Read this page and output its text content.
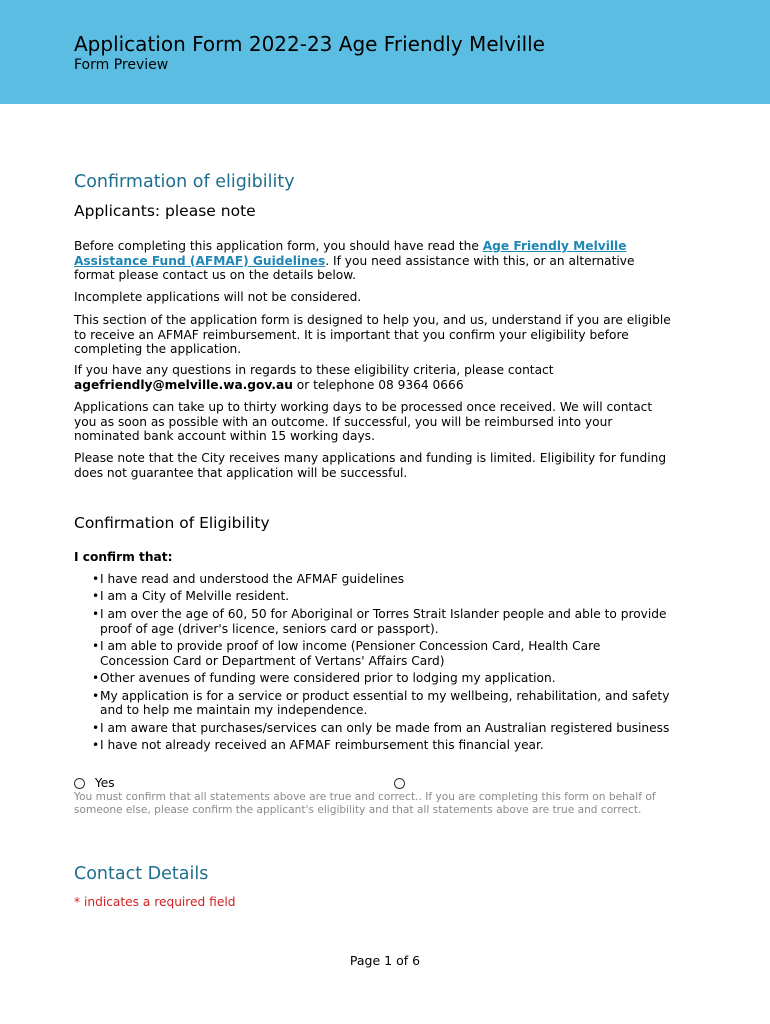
Application Form 2022-23 Age Friendly Melville
Form Preview
Confirmation of eligibility
Applicants: please note

Before completing this application form, you should have read the Age Friendly Melville Assistance Fund (AFMAF) Guidelines. If you need assistance with this, or an alternative format please contact us on the details below.

Incomplete applications will not be considered.

This section of the application form is designed to help you, and us, understand if you are eligible to receive an AFMAF reimbursement. It is important that you confirm your eligibility before completing the application.

If you have any questions in regards to these eligibility criteria, please contact agefriendly@melville.wa.gov.au or telephone 08 9364 0666

Applications can take up to thirty working days to be processed once received. We will contact you as soon as possible with an outcome. If successful, you will be reimbursed into your nominated bank account within 15 working days.

Please note that the City receives many applications and funding is limited. Eligibility for funding does not guarantee that application will be successful.

Confirmation of Eligibility
I confirm that:
• I have read and understood the AFMAF guidelines
• I am a City of Melville resident.
• I am over the age of 60, 50 for Aboriginal or Torres Strait Islander people and able to provide proof of age (driver's licence, seniors card or passport).
• I am able to provide proof of low income (Pensioner Concession Card, Health Care Concession Card or Department of Vertans' Affairs Card)
• Other avenues of funding were considered prior to lodging my application.
• My application is for a service or product essential to my wellbeing, rehabilitation, and safety and to help me maintain my independence.
• I am aware that purchases/services can only be made from an Australian registered business
• I have not already received an AFMAF reimbursement this financial year.
Yes

You must confirm that all statements above are true and correct.. If you are completing this form on behalf of someone else, please confirm the applicant's eligibility and that all statements above are true and correct.

Contact Details
* indicates a required field
Page 1 of 6
